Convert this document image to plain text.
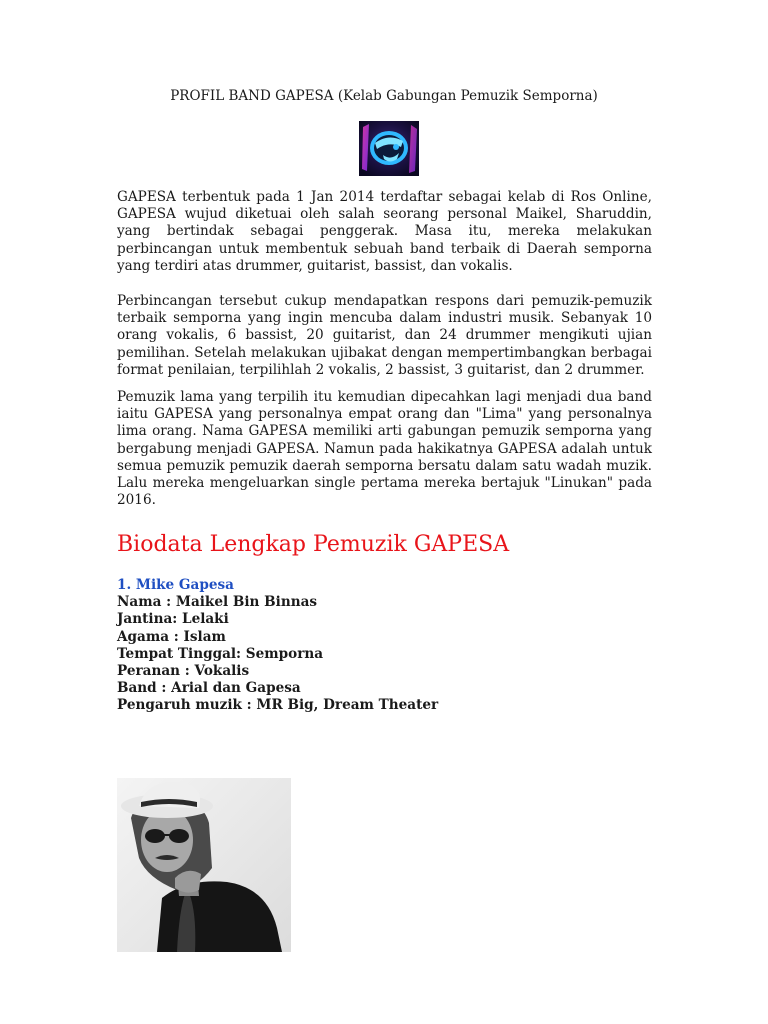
PROFIL BAND GAPESA (Kelab Gabungan Pemuzik Semporna)
GAPESA terbentuk pada 1 Jan 2014 terdaftar sebagai kelab di Ros Online, GAPESA wujud diketuai oleh salah seorang personal Maikel, Sharuddin, yang bertindak sebagai penggerak. Masa itu, mereka melakukan perbincangan untuk membentuk sebuah band terbaik di Daerah semporna yang terdiri atas drummer, guitarist, bassist, dan vokalis.
Perbincangan tersebut cukup mendapatkan respons dari pemuzik-pemuzik terbaik semporna yang ingin mencuba dalam industri musik. Sebanyak 10 orang vokalis, 6 bassist, 20 guitarist, dan 24 drummer mengikuti ujian pemilihan. Setelah melakukan ujibakat dengan mempertimbangkan berbagai format penilaian, terpilihlah 2 vokalis, 2 bassist, 3 guitarist, dan 2 drummer.
Pemuzik lama yang terpilih itu kemudian dipecahkan lagi menjadi dua band iaitu GAPESA yang personalnya empat orang dan "Lima" yang personalnya lima orang. Nama GAPESA memiliki arti gabungan pemuzik semporna yang bergabung menjadi GAPESA. Namun pada hakikatnya GAPESA adalah untuk semua pemuzik pemuzik daerah semporna bersatu dalam satu wadah muzik. Lalu mereka mengeluarkan single pertama mereka bertajuk "Linukan" pada 2016.
Biodata Lengkap Pemuzik GAPESA
1. Mike Gapesa
Nama : Maikel Bin Binnas
Jantina: Lelaki
Agama : Islam
Tempat Tinggal: Semporna
Peranan : Vokalis
Band : Arial dan Gapesa
Pengaruh muzik : MR Big, Dream Theater
